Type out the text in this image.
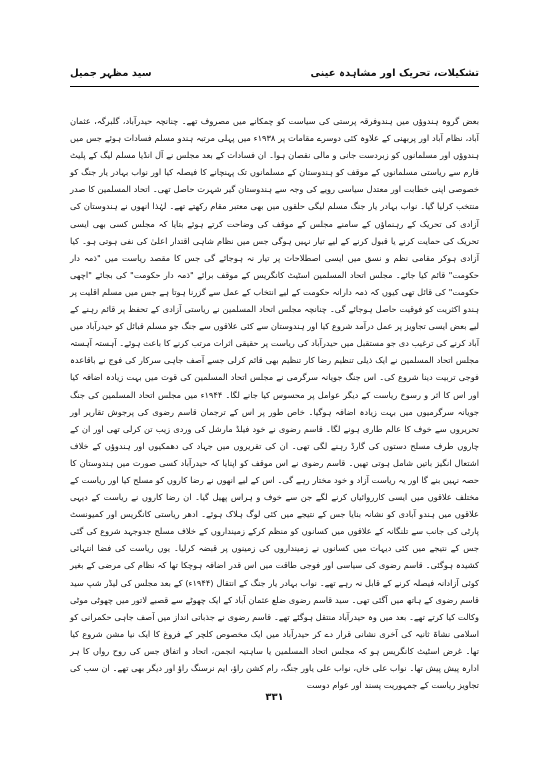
سید مظہر جمیل	تشکیلات، تحریک اور مشاہدہ عینی

بعض گروہ ہندوؤں میں ہندوفرقہ پرستی کی سیاست کو چمکانے میں مصروف تھے۔ چنانچہ حیدرآباد، گلبرگہ، عثمان آباد، نظام آباد اور پربھنی کے علاوہ کئی دوسرے مقامات پر ۱۹۳۸ء میں پہلی مرتبہ ہندو مسلم فسادات ہوئے جس میں ہندوؤں اور مسلمانوں کو زبردست جانی و مالی نقصان ہوا۔ ان فسادات کے بعد مجلس نے آل انڈیا مسلم لیگ کے پلیٹ فارم سے ریاستی مسلمانوں کے موقف کو ہندوستان کے مسلمانوں تک پہنچانے کا فیصلہ کیا اور نواب بہادر یار جنگ کو خصوصی اپنی خطابت اور معتدل سیاسی رویے کی وجہ سے ہندوستان گیر شہرت حاصل تھی۔ اتحاد المسلمین کا صدر منتخب کرلیا گیا۔ نواب بہادر یار جنگ مسلم لیگی حلقوں میں بھی معتبر مقام رکھتے تھے۔ لہٰذا انھوں نے ہندوستان کی آزادی کی تحریک کے رہنماؤں کے سامنے مجلس کے موقف کی وضاحت کرتے ہوئے بتایا کہ مجلس کسی بھی ایسی تحریک کی حمایت کرنے یا قبول کرنے کے لیے تیار نہیں ہوگی جس میں نظام شاہی اقتدار اعلیٰ کی نفی ہوتی ہو۔ کیا آزادی ہوکر مقامی نظم و نسق میں ایسی اصطلاحات پر تیار نہ ہوجائے گی جس کا مقصد ریاست میں "ذمہ دار حکومت" قائم کیا جائے۔ مجلس اتحاد المسلمین اسٹیٹ کانگریس کے موقف برائے "ذمہ دار حکومت" کی بجائے "اچھی حکومت" کی قائل تھی کیوں کہ ذمہ دارانہ حکومت کے لیے انتخاب کے عمل سے گزرنا ہوتا ہے جس میں مسلم اقلیت پر ہندو اکثریت کو فوقیت حاصل ہوجائے گی۔ چنانچہ مجلس اتحاد المسلمین نے ریاستی آزادی کے تحفظ پر قائم رہنے کے لیے بعض ایسی تجاویز پر عمل درآمد شروع کیا اور ہندوستان سے کئی علاقوں سے جنگ جو مسلم قبائل کو حیدرآباد میں آباد کرنے کی ترغیب دی جو مستقبل میں حیدرآباد کی ریاست پر حقیقی اثرات مرتب کرنے کا باعث ہوئے۔ آہستہ آہستہ مجلس اتحاد المسلمین نے ایک ذیلی تنظیم رضا کار تنظیم بھی قائم کرلی جسے آصف جاہی سرکار کی فوج نے باقاعدہ فوجی تربیت دینا شروع کی۔ اس جنگ جویانہ سرگرمی نے مجلس اتحاد المسلمین کی قوت میں بہت زیادہ اضافہ کیا اور اس کا اثر و رسوخ ریاست کے دیگر عوامل پر محسوس کیا جانے لگا۔ ۱۹۴۴ء میں مجلس اتحاد المسلمین کی جنگ جویانہ سرگرمیوں میں بہت زیادہ اضافہ ہوگیا۔ خاص طور پر اس کے ترجمان قاسم رضوی کی پرجوش تقاریر اور تحریروں سے خوف کا عالم طاری ہونے لگا۔ قاسم رضوی نے خود فیلڈ مارشل کی وردی زیب تن کرلی تھی اور ان کے چاروں طرف مسلح دستوں کی گارڈ رہنے لگی تھی۔ ان کی تقریروں میں جہاد کی دھمکیوں اور ہندوؤں کے خلاف اشتعال انگیز باتیں شامل ہوتی تھیں۔ قاسم رضوی نے اس موقف کو اپنایا کہ حیدرآباد کسی صورت میں ہندوستان کا حصہ نہیں بنے گا اور یہ ریاست آزاد و خود مختار رہے گی۔ اس کے لیے انھوں نے رضا کاروں کو مسلح کیا اور ریاست کے مختلف علاقوں میں ایسی کارروائیاں کرنے لگے جن سے خوف و ہراس پھیل گیا۔ ان رضا کاروں نے ریاست کے دیہی علاقوں میں ہندو آبادی کو نشانہ بنایا جس کے نتیجے میں کئی لوگ ہلاک ہوئے۔ ادھر ریاستی کانگریس اور کمیونسٹ پارٹی کی جانب سے تلنگانہ کے علاقوں میں کسانوں کو منظم کرکے زمینداروں کے خلاف مسلح جدوجہد شروع کی گئی جس کے نتیجے میں کئی دیہات میں کسانوں نے زمینداروں کی زمینوں پر قبضہ کرلیا۔ یوں ریاست کی فضا انتہائی کشیدہ ہوگئی۔ قاسم رضوی کی سیاسی اور فوجی طاقت میں اس قدر اضافہ ہوچکا تھا کہ نظام کی مرضی کے بغیر کوئی آزادانہ فیصلہ کرنے کے قابل نہ رہے تھے۔ نواب بہادر یار جنگ کے انتقال (۱۹۴۴ء) کے بعد مجلس کی لیڈر شپ سید قاسم رضوی کے ہاتھ میں آگئی تھی۔ سید قاسم رضوی ضلع عثمان آباد کے ایک چھوٹے سے قصبے لاتور میں چھوٹی موٹی وکالت کیا کرتے تھے۔ بعد میں وہ حیدرآباد منتقل ہوگئے تھے۔ قاسم رضوی نے جذباتی انداز میں آصف جاہی حکمرانی کو اسلامی نشاۃ ثانیہ کی آخری نشانی قرار دے کر حیدرآباد میں ایک مخصوص کلچر کے فروغ کا ایک نیا مشن شروع کیا تھا۔ غرض اسٹیٹ کانگریس ہو کہ مجلس اتحاد المسلمین یا ساہتیہ انجمن، اتحاد و اتفاق جس کی روح رواں کا ہر ادارہ پیش پیش تھا۔ نواب علی خاں، نواب علی یاور جنگ، رام کشن راؤ، ایم نرسنگ راؤ اور دیگر بھی تھے۔ ان سب کی تجاویز ریاست کے جمہوریت پسند اور عوام دوست

۳۳۱
